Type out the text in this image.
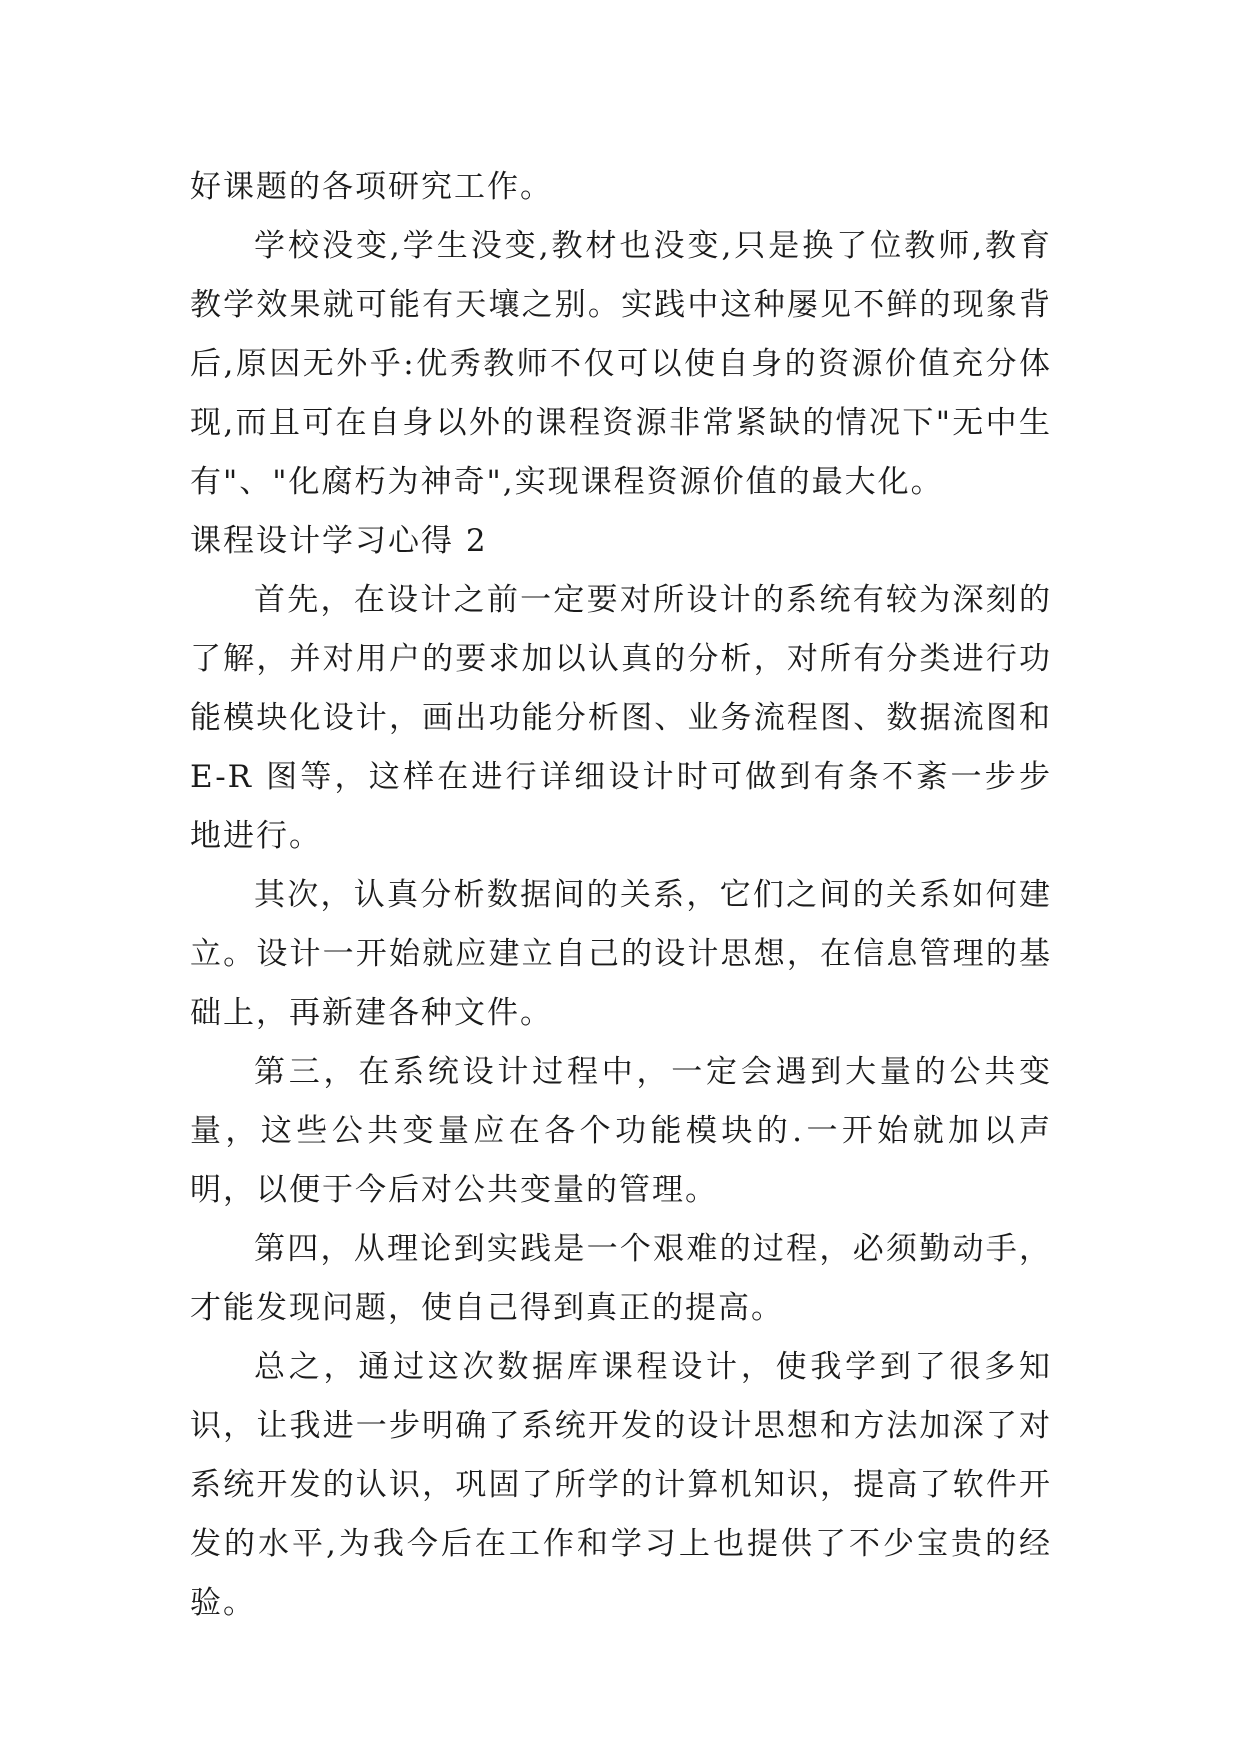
好课题的各项研究工作。

学校没变,学生没变,教材也没变,只是换了位教师,教育教学效果就可能有天壤之别。实践中这种屡见不鲜的现象背后,原因无外乎:优秀教师不仅可以使自身的资源价值充分体现,而且可在自身以外的课程资源非常紧缺的情况下"无中生有"、"化腐朽为神奇",实现课程资源价值的最大化。

课程设计学习心得 2

首先，在设计之前一定要对所设计的系统有较为深刻的了解，并对用户的要求加以认真的分析，对所有分类进行功能模块化设计，画出功能分析图、业务流程图、数据流图和E-R 图等，这样在进行详细设计时可做到有条不紊一步步地进行。

其次，认真分析数据间的关系，它们之间的关系如何建立。设计一开始就应建立自己的设计思想，在信息管理的基础上，再新建各种文件。

第三，在系统设计过程中，一定会遇到大量的公共变量，这些公共变量应在各个功能模块的.一开始就加以声明，以便于今后对公共变量的管理。

第四，从理论到实践是一个艰难的过程，必须勤动手，才能发现问题，使自己得到真正的提高。

总之，通过这次数据库课程设计，使我学到了很多知识，让我进一步明确了系统开发的设计思想和方法加深了对系统开发的认识，巩固了所学的计算机知识，提高了软件开发的水平,为我今后在工作和学习上也提供了不少宝贵的经验。
